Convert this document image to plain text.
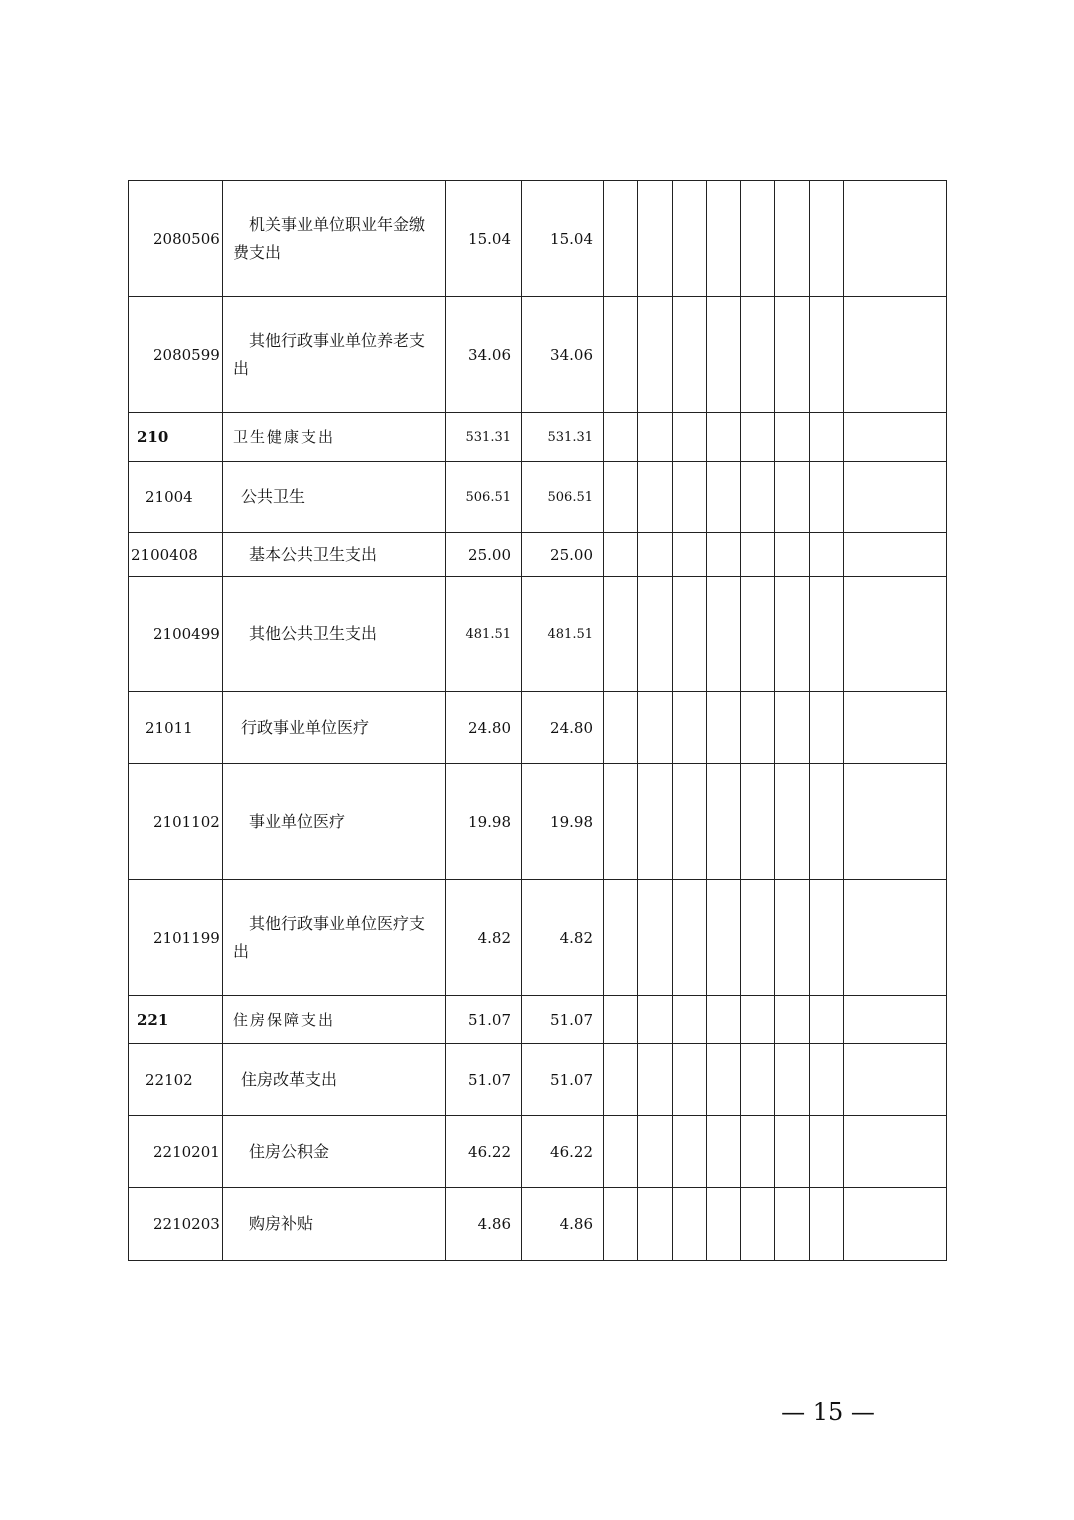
2080506	机关事业单位职业年金缴费支出	15.04	15.04								
2080599	其他行政事业单位养老支出	34.06	34.06								
210	卫生健康支出	531.31	531.31								
21004	公共卫生	506.51	506.51								
2100408	基本公共卫生支出	25.00	25.00								
2100499	其他公共卫生支出	481.51	481.51								
21011	行政事业单位医疗	24.80	24.80								
2101102	事业单位医疗	19.98	19.98								
2101199	其他行政事业单位医疗支出	4.82	4.82								
221	住房保障支出	51.07	51.07								
22102	住房改革支出	51.07	51.07								
2210201	住房公积金	46.22	46.22								
2210203	购房补贴	4.86	4.86								
— 15 —
